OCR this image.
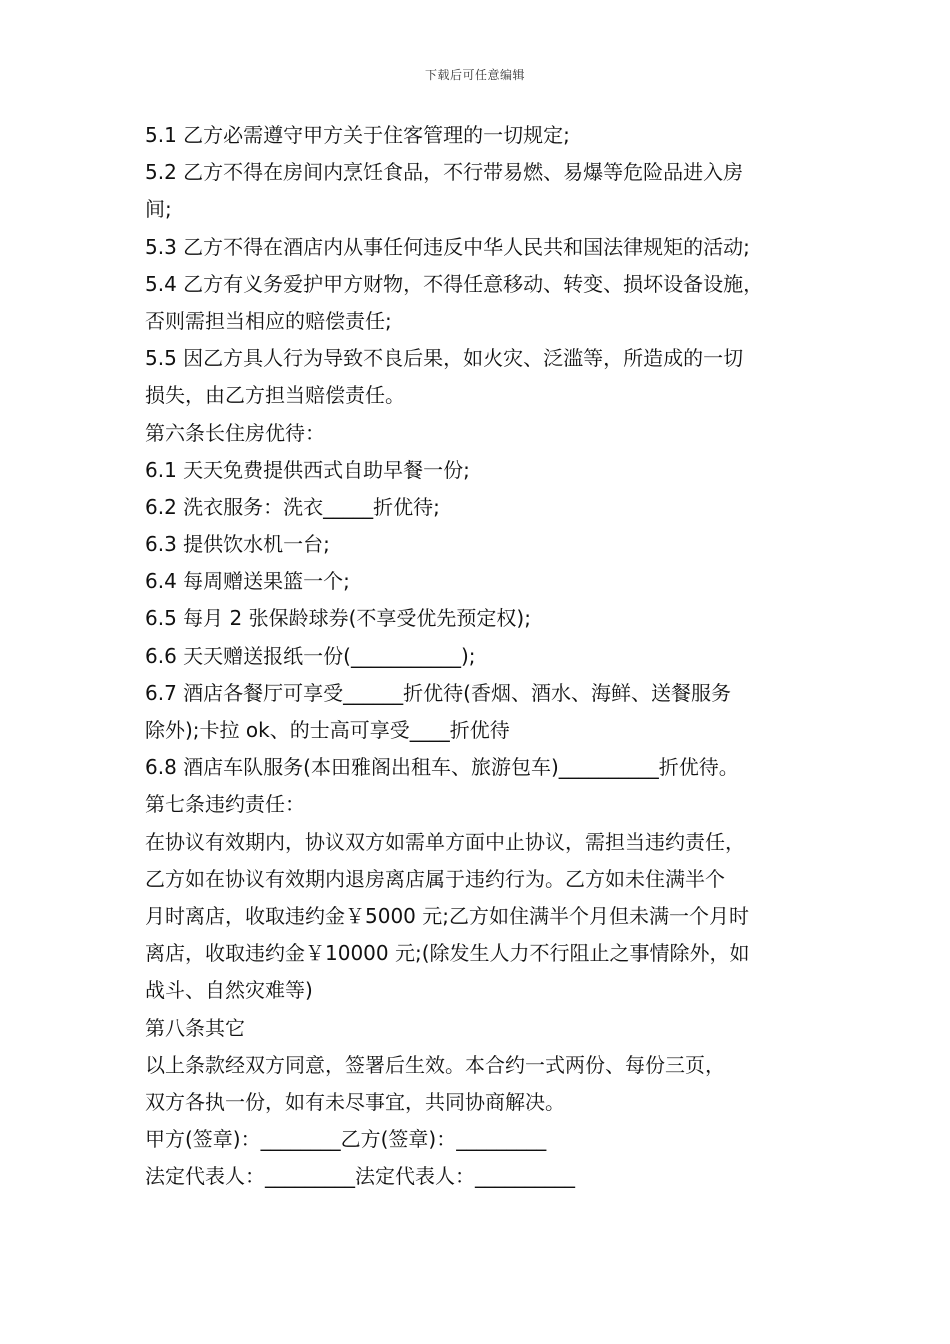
下载后可任意编辑
5.1 乙方必需遵守甲方关于住客管理的一切规定;
5.2 乙方不得在房间内烹饪食品，不行带易燃、易爆等危险品进入房
间;
5.3 乙方不得在酒店内从事任何违反中华人民共和国法律规矩的活动;
5.4 乙方有义务爱护甲方财物，不得任意移动、转变、损坏设备设施，
否则需担当相应的赔偿责任;
5.5 因乙方具人行为导致不良后果，如火灾、泛滥等，所造成的一切
损失，由乙方担当赔偿责任。
第六条长住房优待：
6.1 天天免费提供西式自助早餐一份;
6.2 洗衣服务：洗衣_____折优待;
6.3 提供饮水机一台;
6.4 每周赠送果篮一个;
6.5 每月 2 张保龄球券(不享受优先预定权);
6.6 天天赠送报纸一份(___________);
6.7 酒店各餐厅可享受______折优待(香烟、酒水、海鲜、送餐服务
除外);卡拉 ok、的士高可享受____折优待
6.8 酒店车队服务(本田雅阁出租车、旅游包车)__________折优待。
第七条违约责任：
在协议有效期内，协议双方如需单方面中止协议，需担当违约责任，
乙方如在协议有效期内退房离店属于违约行为。乙方如未住满半个
月时离店，收取违约金￥5000 元;乙方如住满半个月但未满一个月时
离店，收取违约金￥10000 元;(除发生人力不行阻止之事情除外，如
战斗、自然灾难等)
第八条其它
以上条款经双方同意，签署后生效。本合约一式两份、每份三页，
双方各执一份，如有未尽事宜，共同协商解决。
甲方(签章)：________乙方(签章)：_________
法定代表人：_________法定代表人：__________
